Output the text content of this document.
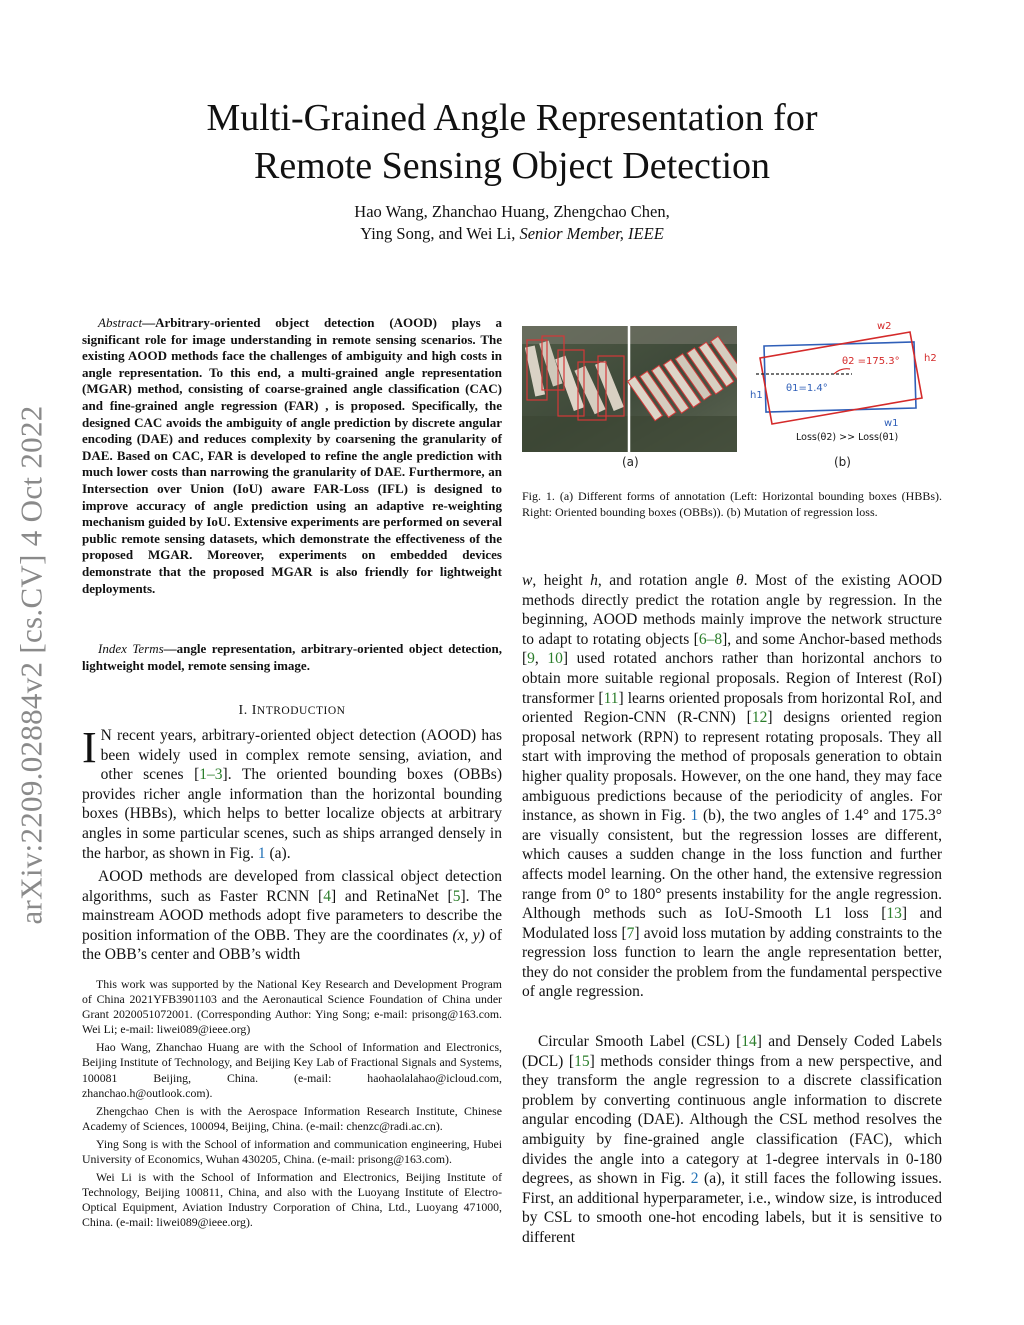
arXiv:2209.02884v2 [cs.CV] 4 Oct 2022
Multi-Grained Angle Representation for
Remote Sensing Object Detection
Hao Wang, Zhanchao Huang, Zhengchao Chen,
Ying Song, and Wei Li, Senior Member, IEEE
Abstract—Arbitrary-oriented object detection (AOOD) plays a significant role for image understanding in remote sensing scenarios. The existing AOOD methods face the challenges of ambiguity and high costs in angle representation. To this end, a multi-grained angle representation (MGAR) method, consisting of coarse-grained angle classification (CAC) and fine-grained angle regression (FAR) , is proposed. Specifically, the designed CAC avoids the ambiguity of angle prediction by discrete angular encoding (DAE) and reduces complexity by coarsening the granularity of DAE. Based on CAC, FAR is developed to refine the angle prediction with much lower costs than narrowing the granularity of DAE. Furthermore, an Intersection over Union (IoU) aware FAR-Loss (IFL) is designed to improve accuracy of angle prediction using an adaptive re-weighting mechanism guided by IoU. Extensive experiments are performed on several public remote sensing datasets, which demonstrate the effectiveness of the proposed MGAR. Moreover, experiments on embedded devices demonstrate that the proposed MGAR is also friendly for lightweight deployments.
Index Terms—angle representation, arbitrary-oriented object detection, lightweight model, remote sensing image.
I. INTRODUCTION
I N recent years, arbitrary-oriented object detection (AOOD) has been widely used in complex remote sensing, aviation, and other scenes [1–3]. The oriented bounding boxes (OBBs) provides richer angle information than the horizontal bounding boxes (HBBs), which helps to better localize objects at arbitrary angles in some particular scenes, such as ships arranged densely in the harbor, as shown in Fig. 1 (a).
AOOD methods are developed from classical object detection algorithms, such as Faster RCNN [4] and RetinaNet [5]. The mainstream AOOD methods adopt five parameters to describe the position information of the OBB. They are the coordinates (x, y) of the OBB’s center and OBB’s width

This work was supported by the National Key Research and Development Program of China 2021YFB3901103 and the Aeronautical Science Foundation of China under Grant 2020051072001. (Corresponding Author: Ying Song; e-mail: prisong@163.com. Wei Li; e-mail: liwei089@ieee.org)

Hao Wang, Zhanchao Huang are with the School of Information and Electronics, Beijing Institute of Technology, and Beijing Key Lab of Fractional Signals and Systems, 100081 Beijing, China. (e-mail: haohaolalahao@icloud.com, zhanchao.h@outlook.com).

Zhengchao Chen is with the Aerospace Information Research Institute, Chinese Academy of Sciences, 100094, Beijing, China. (e-mail: chenzc@radi.ac.cn).

Ying Song is with the School of information and communication engineering, Hubei University of Economics, Wuhan 430205, China. (e-mail: prisong@163.com).

Wei Li is with the School of Information and Electronics, Beijing Institute of Technology, Beijing 100811, China, and also with the Luoyang Institute of Electro-Optical Equipment, Aviation Industry Corporation of China, Ltd., Luoyang 471000, China. (e-mail: liwei089@ieee.org).

(a)
w2
h2
θ2 =175.3°
θ1=1.4°
h1
w1
Loss(θ2) >> Loss(θ1)
(b)
Fig. 1. (a) Different forms of annotation (Left: Horizontal bounding boxes (HBBs). Right: Oriented bounding boxes (OBBs)). (b) Mutation of regression loss.
w, height h, and rotation angle θ. Most of the existing AOOD methods directly predict the rotation angle by regression. In the beginning, AOOD methods mainly improve the network structure to adapt to rotating objects [6–8], and some Anchor-based methods [9, 10] used rotated anchors rather than horizontal anchors to obtain more suitable regional proposals. Region of Interest (RoI) transformer [11] learns oriented proposals from horizontal RoI, and oriented Region-CNN (R-CNN) [12] designs oriented region proposal network (RPN) to represent rotating proposals. They all start with improving the method of proposals generation to obtain higher quality proposals. However, on the one hand, they may face ambiguous predictions because of the periodicity of angles. For instance, as shown in Fig. 1 (b), the two angles of 1.4° and 175.3° are visually consistent, but the regression losses are different, which causes a sudden change in the loss function and further affects model learning. On the other hand, the extensive regression range from 0° to 180° presents instability for the angle regression. Although methods such as IoU-Smooth L1 loss [13] and Modulated loss [7] avoid loss mutation by adding constraints to the regression loss function to learn the angle representation better, they do not consider the problem from the fundamental perspective of angle regression.
Circular Smooth Label (CSL) [14] and Densely Coded Labels (DCL) [15] methods consider things from a new perspective, and they transform the angle regression to a discrete classification problem by converting continuous angle information to discrete angular encoding (DAE). Although the CSL method resolves the ambiguity by fine-grained angle classification (FAC), which divides the angle into a category at 1-degree intervals in 0-180 degrees, as shown in Fig. 2 (a), it still faces the following issues. First, an additional hyperparameter, i.e., window size, is introduced by CSL to smooth one-hot encoding labels, but it is sensitive to different
